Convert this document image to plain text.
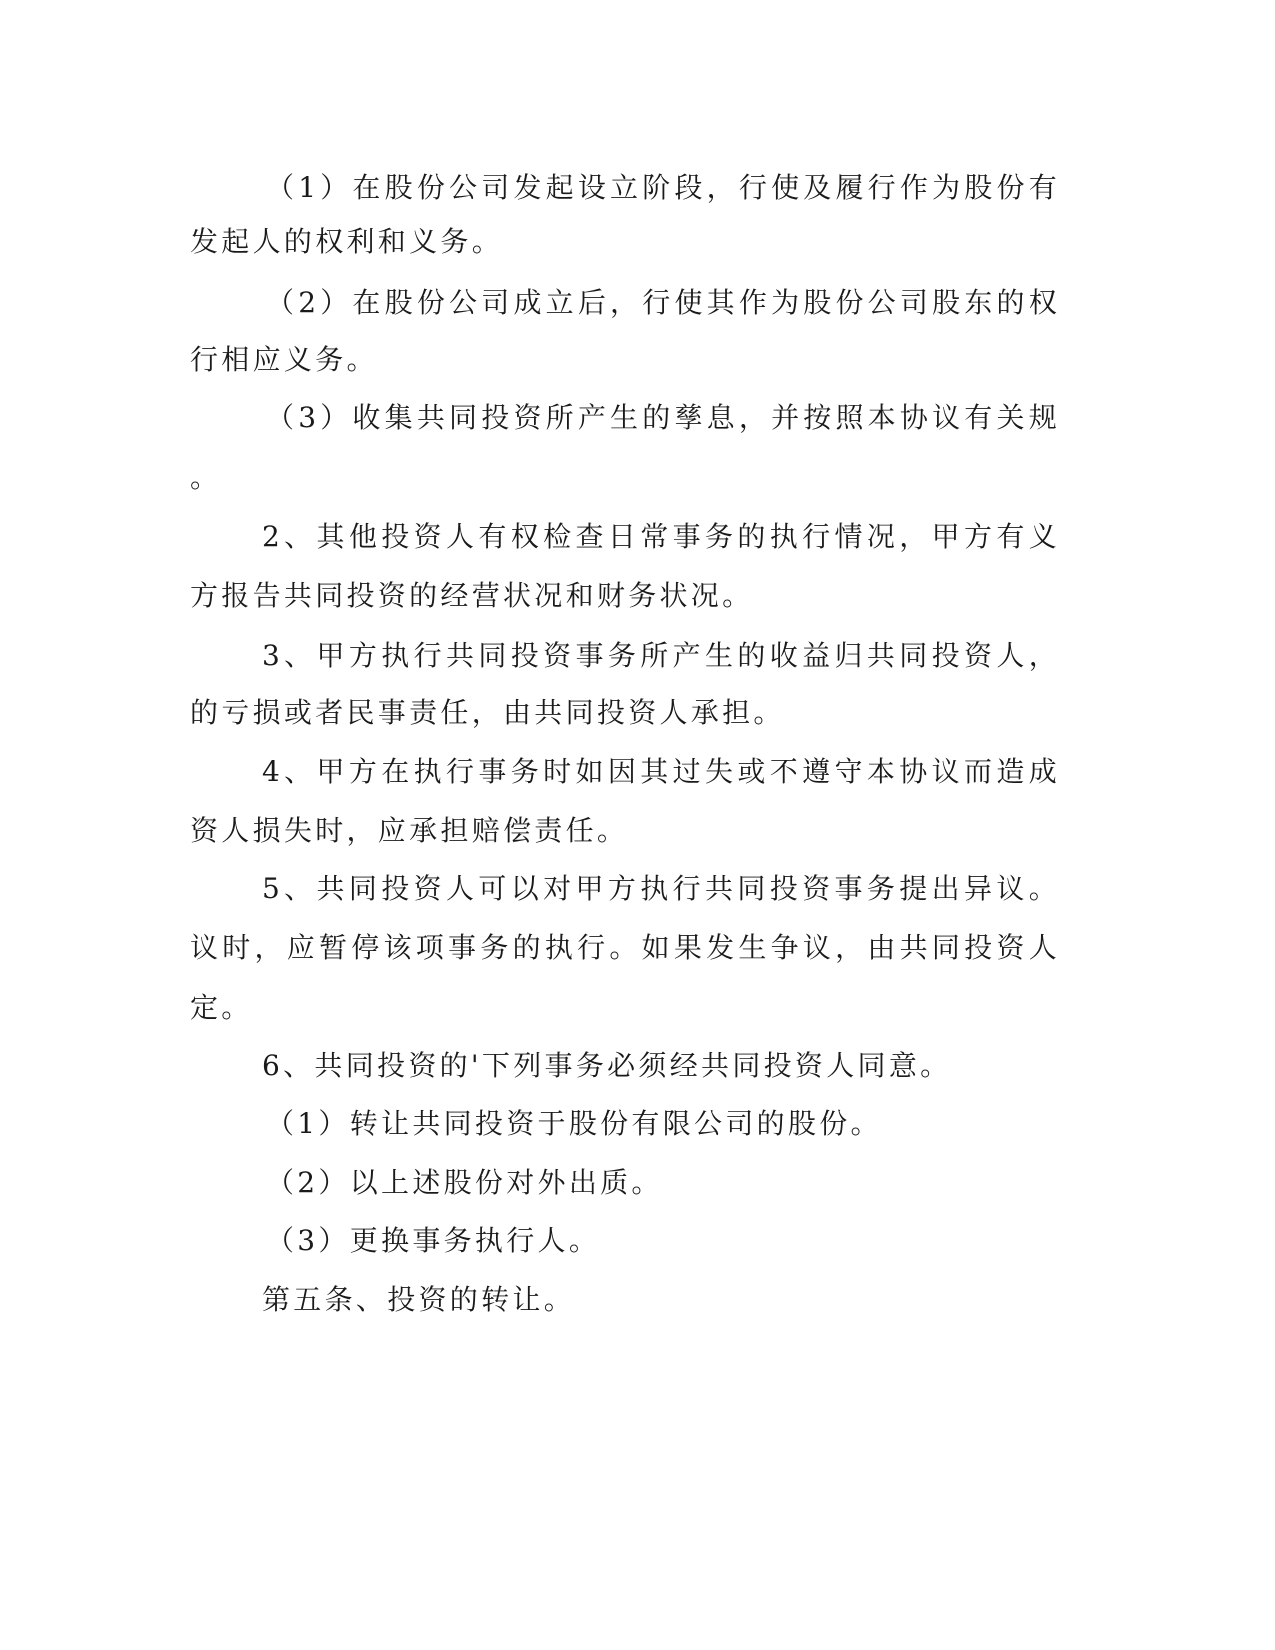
（1）在股份公司发起设立阶段，行使及履行作为股份有
发起人的权利和义务。
（2）在股份公司成立后，行使其作为股份公司股东的权
行相应义务。
（3）收集共同投资所产生的孳息，并按照本协议有关规
。
2、其他投资人有权检查日常事务的执行情况，甲方有义
方报告共同投资的经营状况和财务状况。
3、甲方执行共同投资事务所产生的收益归共同投资人，
的亏损或者民事责任，由共同投资人承担。
4、甲方在执行事务时如因其过失或不遵守本协议而造成
资人损失时，应承担赔偿责任。
5、共同投资人可以对甲方执行共同投资事务提出异议。
议时，应暂停该项事务的执行。如果发生争议，由共同投资人
定。
6、共同投资的'下列事务必须经共同投资人同意。
（1）转让共同投资于股份有限公司的股份。
（2）以上述股份对外出质。
（3）更换事务执行人。
第五条、投资的转让。
